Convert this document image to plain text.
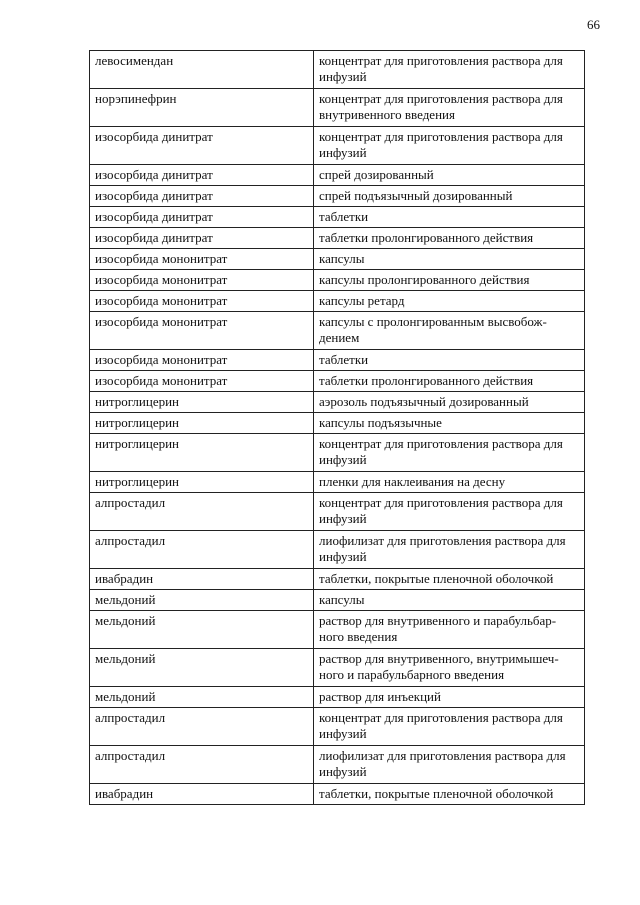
66
левосимендан	концентрат для приготовления раствора для инфузий
норэпинефрин	концентрат для приготовления раствора для внутривенного введения
изосорбида динитрат	концентрат для приготовления раствора для инфузий
изосорбида динитрат	спрей дозированный
изосорбида динитрат	спрей подъязычный дозированный
изосорбида динитрат	таблетки
изосорбида динитрат	таблетки пролонгированного действия
изосорбида мононитрат	капсулы
изосорбида мононитрат	капсулы пролонгированного действия
изосорбида мононитрат	капсулы ретард
изосорбида мононитрат	капсулы с пролонгированным высвобож-дением
изосорбида мононитрат	таблетки
изосорбида мононитрат	таблетки пролонгированного действия
нитроглицерин	аэрозоль подъязычный дозированный
нитроглицерин	капсулы подъязычные
нитроглицерин	концентрат для приготовления раствора для инфузий
нитроглицерин	пленки для наклеивания на десну
алпростадил	концентрат для приготовления раствора для инфузий
алпростадил	лиофилизат для приготовления раствора для инфузий
ивабрадин	таблетки, покрытые пленочной оболочкой
мельдоний	капсулы
мельдоний	раствор для внутривенного и парабульбар-ного введения
мельдоний	раствор для внутривенного, внутримышеч-ного и парабульбарного введения
мельдоний	раствор для инъекций
алпростадил	концентрат для приготовления раствора для инфузий
алпростадил	лиофилизат для приготовления раствора для инфузий
ивабрадин	таблетки, покрытые пленочной оболочкой
